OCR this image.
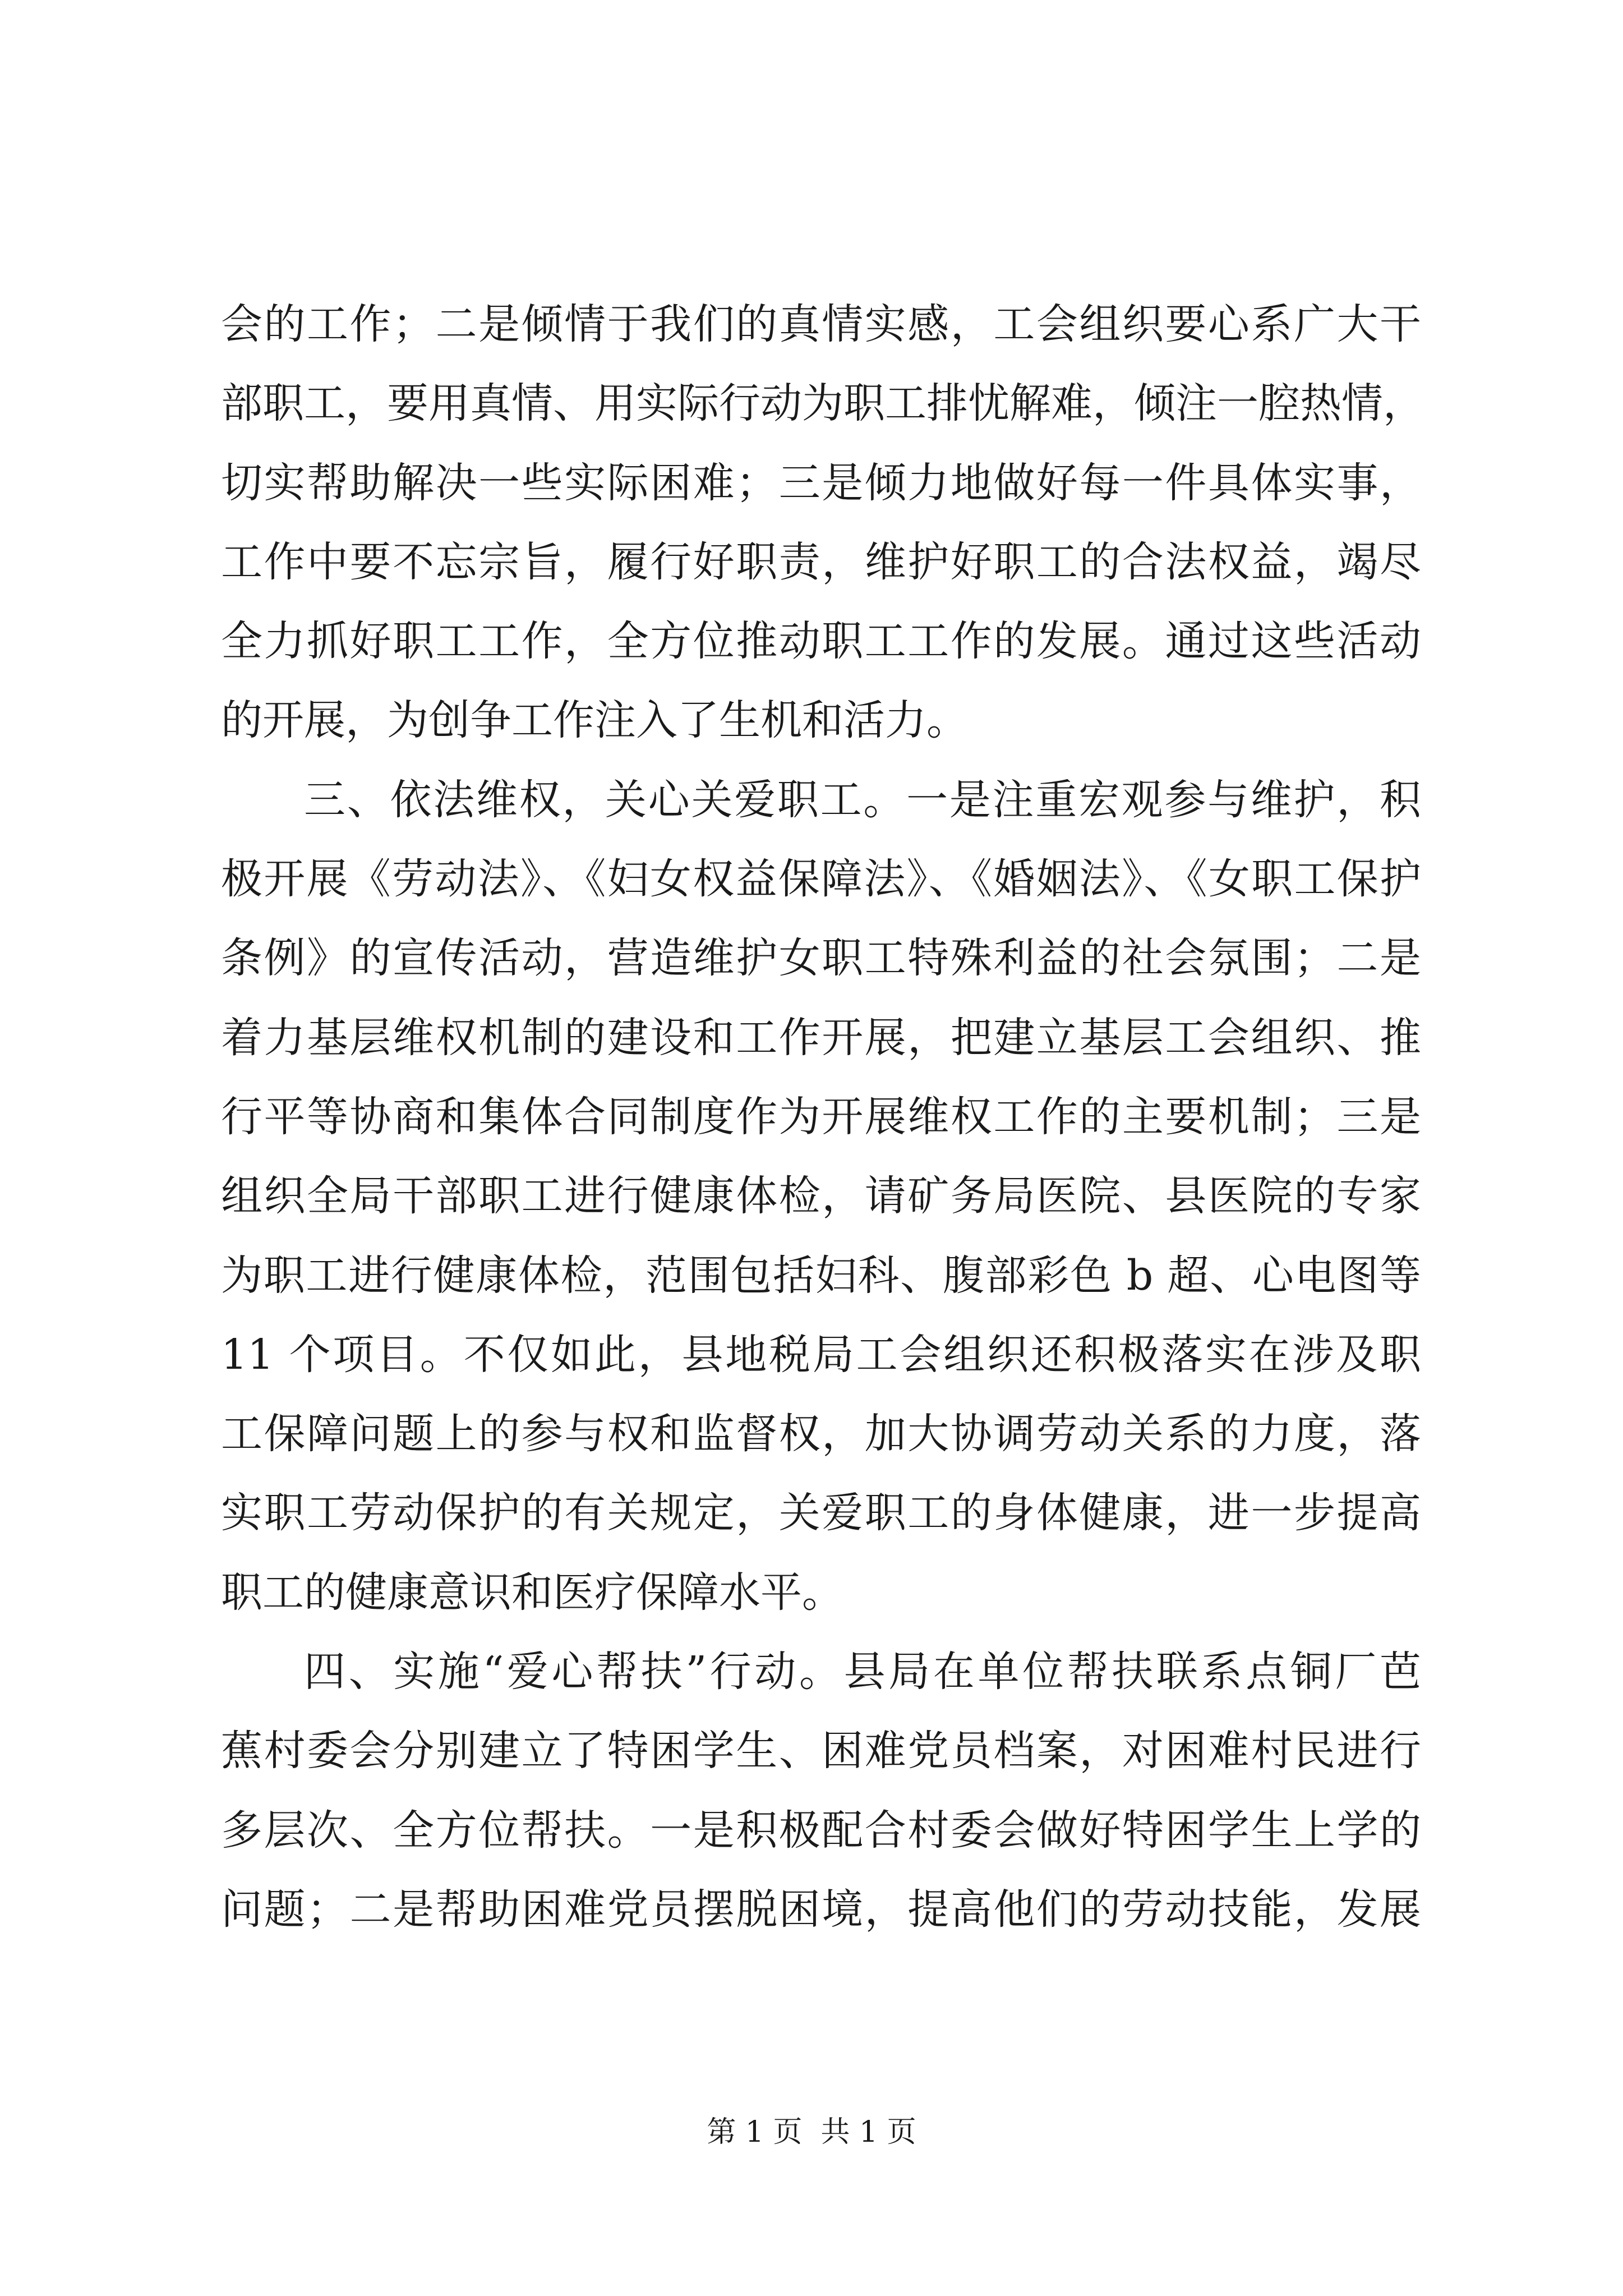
会的工作；二是倾情于我们的真情实感，工会组织要心系广大干
部职工，要用真情、用实际行动为职工排忧解难，倾注一腔热情，
切实帮助解决一些实际困难；三是倾力地做好每一件具体实事，
工作中要不忘宗旨，履行好职责，维护好职工的合法权益，竭尽
全力抓好职工工作，全方位推动职工工作的发展。通过这些活动
的开展，为创争工作注入了生机和活力。
三、依法维权，关心关爱职工。一是注重宏观参与维护，积
极开展《劳动法》、《妇女权益保障法》、《婚姻法》、《女职工保护
条例》的宣传活动，营造维护女职工特殊利益的社会氛围；二是
着力基层维权机制的建设和工作开展，把建立基层工会组织、推
行平等协商和集体合同制度作为开展维权工作的主要机制；三是
组织全局干部职工进行健康体检，请矿务局医院、县医院的专家
为职工进行健康体检，范围包括妇科、腹部彩色 b 超、心电图等
11 个项目。不仅如此，县地税局工会组织还积极落实在涉及职
工保障问题上的参与权和监督权，加大协调劳动关系的力度，落
实职工劳动保护的有关规定，关爱职工的身体健康，进一步提高
职工的健康意识和医疗保障水平。
四、实施“爱心帮扶”行动。县局在单位帮扶联系点铜厂芭
蕉村委会分别建立了特困学生、困难党员档案，对困难村民进行
多层次、全方位帮扶。一是积极配合村委会做好特困学生上学的
问题；二是帮助困难党员摆脱困境，提高他们的劳动技能，发展
第 1 页  共 1 页
